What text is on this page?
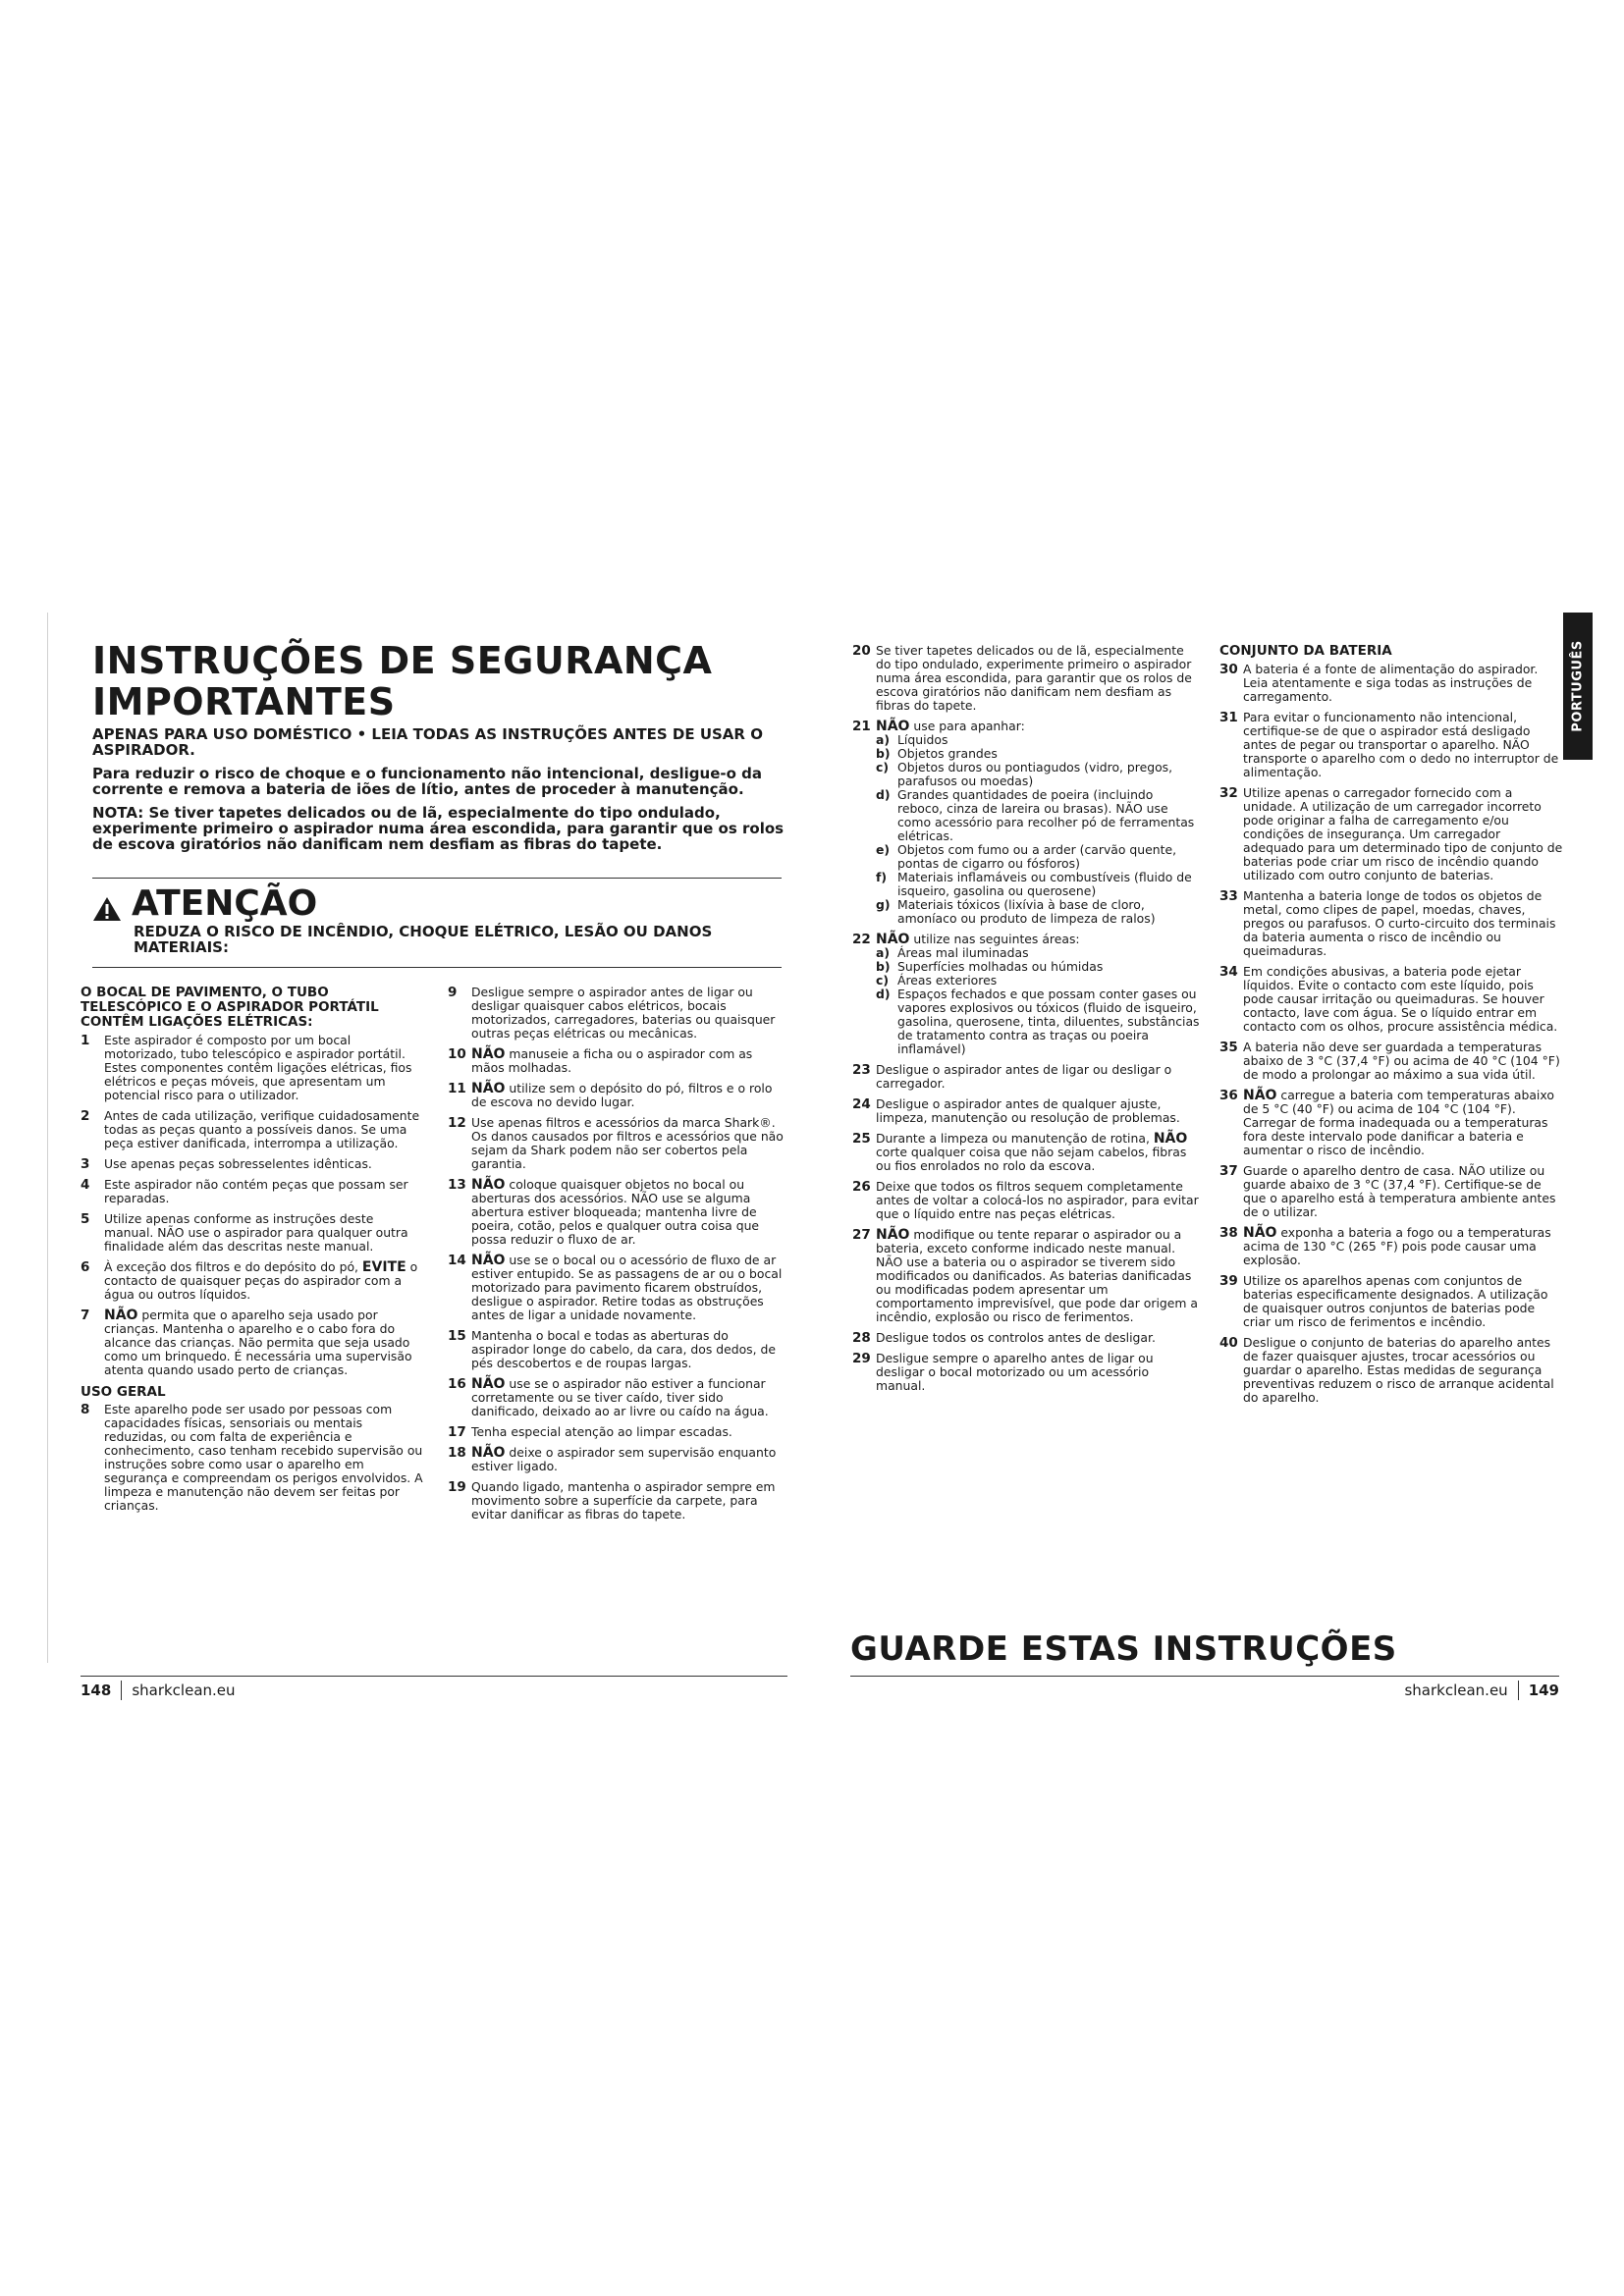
INSTRUÇÕES DE SEGURANÇA IMPORTANTES

APENAS PARA USO DOMÉSTICO • LEIA TODAS AS INSTRUÇÕES ANTES DE USAR O ASPIRADOR.

Para reduzir o risco de choque e o funcionamento não intencional, desligue-o da corrente e remova a bateria de iões de lítio, antes de proceder à manutenção.

NOTA: Se tiver tapetes delicados ou de lã, especialmente do tipo ondulado, experimente primeiro o aspirador numa área escondida, para garantir que os rolos de escova giratórios não danificam nem desfiam as fibras do tapete.

ATENÇÃO
REDUZA O RISCO DE INCÊNDIO, CHOQUE ELÉTRICO, LESÃO OU DANOS MATERIAIS:
O BOCAL DE PAVIMENTO, O TUBO TELESCÓPICO E O ASPIRADOR PORTÁTIL CONTÊM LIGAÇÕES ELÉTRICAS:
1	Este aspirador é composto por um bocal motorizado, tubo telescópico e aspirador portátil. Estes componentes contêm ligações elétricas, fios elétricos e peças móveis, que apresentam um potencial risco para o utilizador.
2	Antes de cada utilização, verifique cuidadosamente todas as peças quanto a possíveis danos. Se uma peça estiver danificada, interrompa a utilização.
3	Use apenas peças sobresselentes idênticas.
4	Este aspirador não contém peças que possam ser reparadas.
5	Utilize apenas conforme as instruções deste manual. NÃO use o aspirador para qualquer outra finalidade além das descritas neste manual.
6	À exceção dos filtros e do depósito do pó, EVITE o contacto de quaisquer peças do aspirador com a água ou outros líquidos.
7	NÃO permita que o aparelho seja usado por crianças. Mantenha o aparelho e o cabo fora do alcance das crianças. Não permita que seja usado como um brinquedo. É necessária uma supervisão atenta quando usado perto de crianças.
USO GERAL
8	Este aparelho pode ser usado por pessoas com capacidades físicas, sensoriais ou mentais reduzidas, ou com falta de experiência e conhecimento, caso tenham recebido supervisão ou instruções sobre como usar o aparelho em segurança e compreendam os perigos envolvidos. A limpeza e manutenção não devem ser feitas por crianças.
9	Desligue sempre o aspirador antes de ligar ou desligar quaisquer cabos elétricos, bocais motorizados, carregadores, baterias ou quaisquer outras peças elétricas ou mecânicas.
10 NÃO manuseie a ficha ou o aspirador com as mãos molhadas.
11 NÃO utilize sem o depósito do pó, filtros e o rolo de escova no devido lugar.
12 Use apenas filtros e acessórios da marca Shark®. Os danos causados por filtros e acessórios que não sejam da Shark podem não ser cobertos pela garantia.
13 NÃO coloque quaisquer objetos no bocal ou aberturas dos acessórios. NÃO use se alguma abertura estiver bloqueada; mantenha livre de poeira, cotão, pelos e qualquer outra coisa que possa reduzir o fluxo de ar.
14 NÃO use se o bocal ou o acessório de fluxo de ar estiver entupido. Se as passagens de ar ou o bocal motorizado para pavimento ficarem obstruídos, desligue o aspirador. Retire todas as obstruções antes de ligar a unidade novamente.
15 Mantenha o bocal e todas as aberturas do aspirador longe do cabelo, da cara, dos dedos, de pés descobertos e de roupas largas.
16 NÃO use se o aspirador não estiver a funcionar corretamente ou se tiver caído, tiver sido danificado, deixado ao ar livre ou caído na água.
17 Tenha especial atenção ao limpar escadas.
18 NÃO deixe o aspirador sem supervisão enquanto estiver ligado.
19 Quando ligado, mantenha o aspirador sempre em movimento sobre a superfície da carpete, para evitar danificar as fibras do tapete.
20 Se tiver tapetes delicados ou de lã, especialmente do tipo ondulado, experimente primeiro o aspirador numa área escondida, para garantir que os rolos de escova giratórios não danificam nem desfiam as fibras do tapete.
21 NÃO use para apanhar:
a) Líquidos
b) Objetos grandes
c) Objetos duros ou pontiagudos (vidro, pregos, parafusos ou moedas)
d) Grandes quantidades de poeira (incluindo reboco, cinza de lareira ou brasas). NÃO use como acessório para recolher pó de ferramentas elétricas.
e) Objetos com fumo ou a arder (carvão quente, pontas de cigarro ou fósforos)
f) Materiais inflamáveis ou combustíveis (fluido de isqueiro, gasolina ou querosene)
g) Materiais tóxicos (lixívia à base de cloro, amoníaco ou produto de limpeza de ralos)
22 NÃO utilize nas seguintes áreas:
a) Áreas mal iluminadas
b) Superfícies molhadas ou húmidas
c) Áreas exteriores
d) Espaços fechados e que possam conter gases ou vapores explosivos ou tóxicos (fluido de isqueiro, gasolina, querosene, tinta, diluentes, substâncias de tratamento contra as traças ou poeira inflamável)
23 Desligue o aspirador antes de ligar ou desligar o carregador.
24 Desligue o aspirador antes de qualquer ajuste, limpeza, manutenção ou resolução de problemas.
25 Durante a limpeza ou manutenção de rotina, NÃO corte qualquer coisa que não sejam cabelos, fibras ou fios enrolados no rolo da escova.
26 Deixe que todos os filtros sequem completamente antes de voltar a colocá-los no aspirador, para evitar que o líquido entre nas peças elétricas.
27 NÃO modifique ou tente reparar o aspirador ou a bateria, exceto conforme indicado neste manual. NÃO use a bateria ou o aspirador se tiverem sido modificados ou danificados. As baterias danificadas ou modificadas podem apresentar um comportamento imprevisível, que pode dar origem a incêndio, explosão ou risco de ferimentos.
28 Desligue todos os controlos antes de desligar.
29 Desligue sempre o aparelho antes de ligar ou desligar o bocal motorizado ou um acessório manual.
CONJUNTO DA BATERIA
30 A bateria é a fonte de alimentação do aspirador. Leia atentamente e siga todas as instruções de carregamento.
31 Para evitar o funcionamento não intencional, certifique-se de que o aspirador está desligado antes de pegar ou transportar o aparelho. NÃO transporte o aparelho com o dedo no interruptor de alimentação.
32 Utilize apenas o carregador fornecido com a unidade. A utilização de um carregador incorreto pode originar a falha de carregamento e/ou condições de insegurança. Um carregador adequado para um determinado tipo de conjunto de baterias pode criar um risco de incêndio quando utilizado com outro conjunto de baterias.
33 Mantenha a bateria longe de todos os objetos de metal, como clipes de papel, moedas, chaves, pregos ou parafusos. O curto-circuito dos terminais da bateria aumenta o risco de incêndio ou queimaduras.
34 Em condições abusivas, a bateria pode ejetar líquidos. Evite o contacto com este líquido, pois pode causar irritação ou queimaduras. Se houver contacto, lave com água. Se o líquido entrar em contacto com os olhos, procure assistência médica.
35 A bateria não deve ser guardada a temperaturas abaixo de 3 °C (37,4 °F) ou acima de 40 °C (104 °F) de modo a prolongar ao máximo a sua vida útil.
36 NÃO carregue a bateria com temperaturas abaixo de 5 °C (40 °F) ou acima de 104 °C (104 °F). Carregar de forma inadequada ou a temperaturas fora deste intervalo pode danificar a bateria e aumentar o risco de incêndio.
37 Guarde o aparelho dentro de casa. NÃO utilize ou guarde abaixo de 3 °C (37,4 °F). Certifique-se de que o aparelho está à temperatura ambiente antes de o utilizar.
38 NÃO exponha a bateria a fogo ou a temperaturas acima de 130 °C (265 °F) pois pode causar uma explosão.
39 Utilize os aparelhos apenas com conjuntos de baterias especificamente designados. A utilização de quaisquer outros conjuntos de baterias pode criar um risco de ferimentos e incêndio.
40 Desligue o conjunto de baterias do aparelho antes de fazer quaisquer ajustes, trocar acessórios ou guardar o aparelho. Estas medidas de segurança preventivas reduzem o risco de arranque acidental do aparelho.
GUARDE ESTAS INSTRUÇÕES
148 sharkclean.eu	sharkclean.eu 149
PORTUGUÊS
